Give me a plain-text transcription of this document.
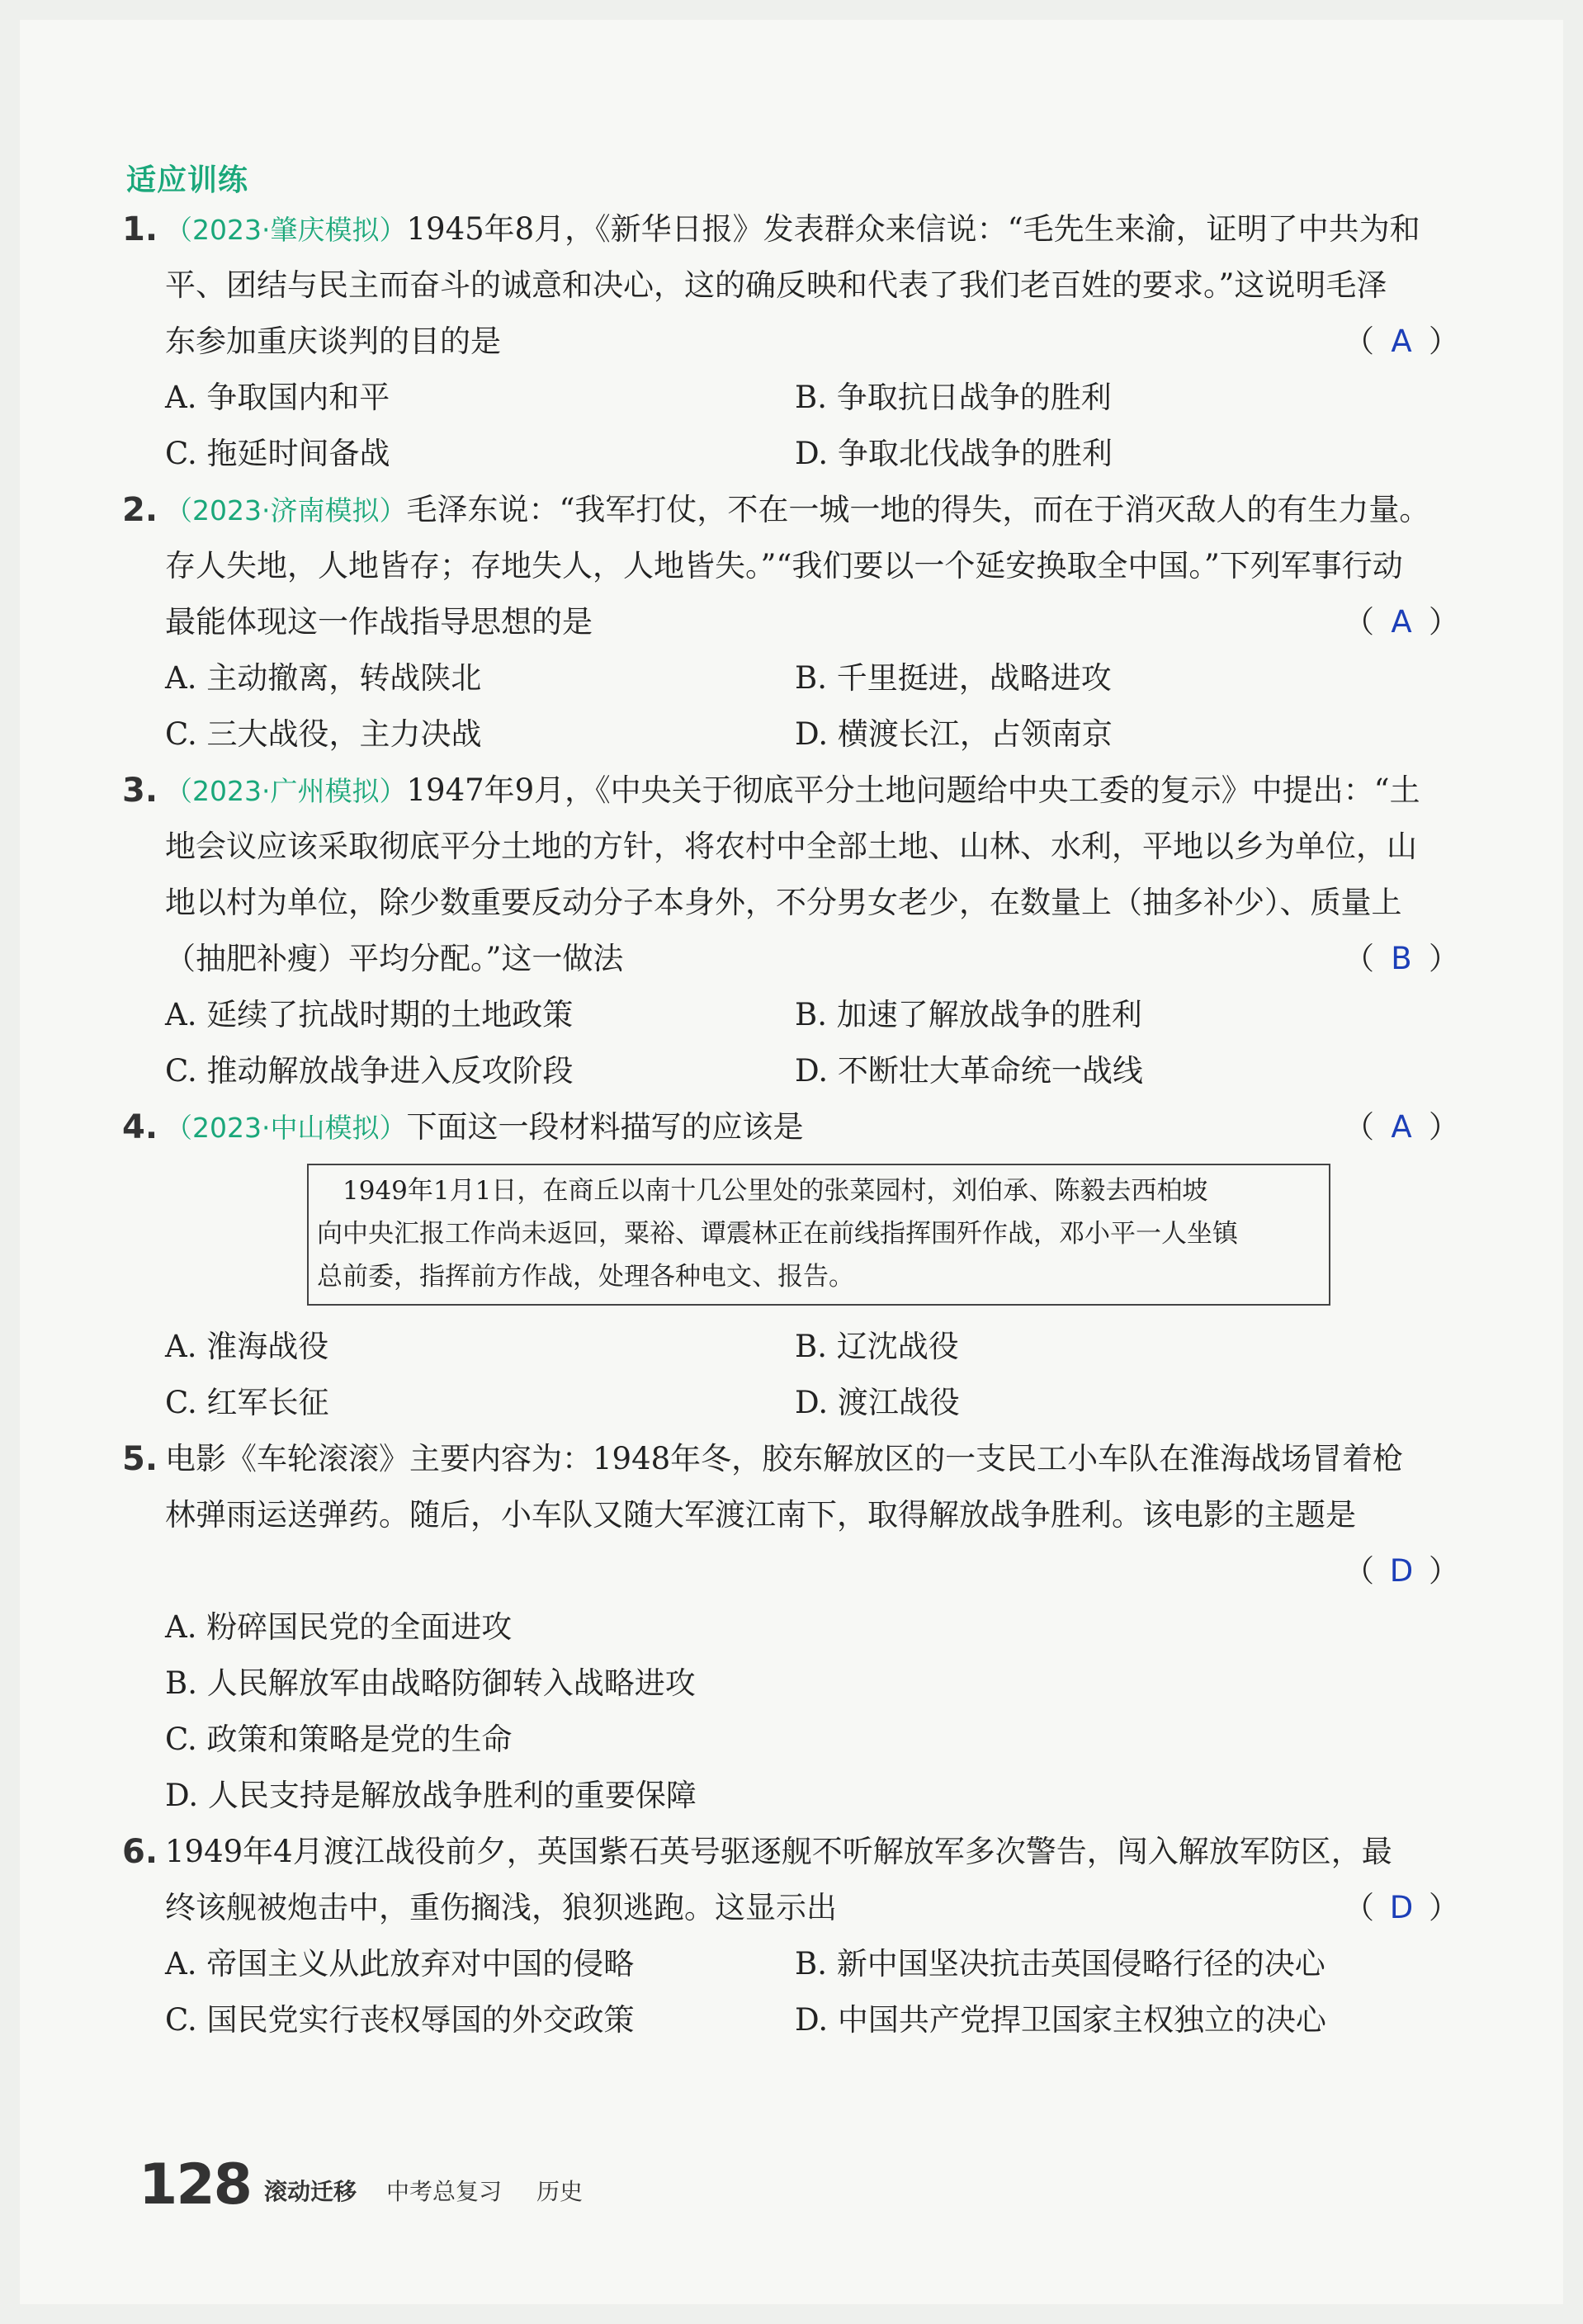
适应训练
1. （2023·肇庆模拟）1945年8月，《新华日报》发表群众来信说：“毛先生来渝，证明了中共为和
平、团结与民主而奋斗的诚意和决心，这的确反映和代表了我们老百姓的要求。”这说明毛泽
东参加重庆谈判的目的是	（ A ）
A. 争取国内和平	B. 争取抗日战争的胜利
C. 拖延时间备战	D. 争取北伐战争的胜利
2. （2023·济南模拟）毛泽东说：“我军打仗，不在一城一地的得失，而在于消灭敌人的有生力量。
存人失地，人地皆存；存地失人，人地皆失。”“我们要以一个延安换取全中国。”下列军事行动
最能体现这一作战指导思想的是	（ A ）
A. 主动撤离，转战陕北	B. 千里挺进，战略进攻
C. 三大战役，主力决战	D. 横渡长江，占领南京
3. （2023·广州模拟）1947年9月，《中央关于彻底平分土地问题给中央工委的复示》中提出：“土
地会议应该采取彻底平分土地的方针，将农村中全部土地、山林、水利，平地以乡为单位，山
地以村为单位，除少数重要反动分子本身外，不分男女老少，在数量上（抽多补少）、质量上
（抽肥补瘦）平均分配。”这一做法	（ B ）
A. 延续了抗战时期的土地政策	B. 加速了解放战争的胜利
C. 推动解放战争进入反攻阶段	D. 不断壮大革命统一战线
4. （2023·中山模拟）下面这一段材料描写的应该是	（ A ）
　1949年1月1日，在商丘以南十几公里处的张菜园村，刘伯承、陈毅去西柏坡
向中央汇报工作尚未返回，粟裕、谭震林正在前线指挥围歼作战，邓小平一人坐镇
总前委，指挥前方作战，处理各种电文、报告。
A. 淮海战役	B. 辽沈战役
C. 红军长征	D. 渡江战役
5. 电影《车轮滚滚》主要内容为：1948年冬，胶东解放区的一支民工小车队在淮海战场冒着枪
林弹雨运送弹药。随后，小车队又随大军渡江南下，取得解放战争胜利。该电影的主题是
（ D ）
A. 粉碎国民党的全面进攻
B. 人民解放军由战略防御转入战略进攻
C. 政策和策略是党的生命
D. 人民支持是解放战争胜利的重要保障
6. 1949年4月渡江战役前夕，英国紫石英号驱逐舰不听解放军多次警告，闯入解放军防区，最
终该舰被炮击中，重伤搁浅，狼狈逃跑。这显示出	（ D ）
A. 帝国主义从此放弃对中国的侵略	B. 新中国坚决抗击英国侵略行径的决心
C. 国民党实行丧权辱国的外交政策	D. 中国共产党捍卫国家主权独立的决心
128 滚动迁移 中考总复习 历史
